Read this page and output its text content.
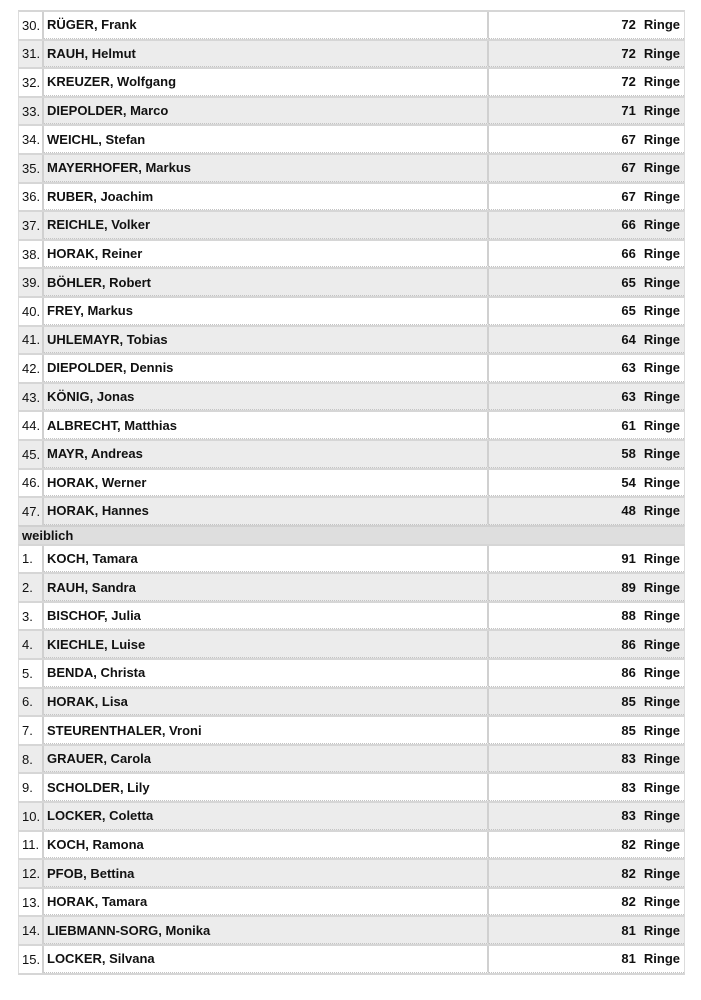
30. RÜGER, Frank	72 Ringe
31. RAUH, Helmut	72 Ringe
32. KREUZER, Wolfgang	72 Ringe
33. DIEPOLDER, Marco	71 Ringe
34. WEICHL, Stefan	67 Ringe
35. MAYERHOFER, Markus	67 Ringe
36. RUBER, Joachim	67 Ringe
37. REICHLE, Volker	66 Ringe
38. HORAK, Reiner	66 Ringe
39. BÖHLER, Robert	65 Ringe
40. FREY, Markus	65 Ringe
41. UHLEMAYR, Tobias	64 Ringe
42. DIEPOLDER, Dennis	63 Ringe
43. KÖNIG, Jonas	63 Ringe
44. ALBRECHT, Matthias	61 Ringe
45. MAYR, Andreas	58 Ringe
46. HORAK, Werner	54 Ringe
47. HORAK, Hannes	48 Ringe
weiblich
1.	KOCH, Tamara	91 Ringe
2.	RAUH, Sandra	89 Ringe
3.	BISCHOF, Julia	88 Ringe
4.	KIECHLE, Luise	86 Ringe
5.	BENDA, Christa	86 Ringe
6.	HORAK, Lisa	85 Ringe
7.	STEURENTHALER, Vroni	85 Ringe
8.	GRAUER, Carola	83 Ringe
9.	SCHOLDER, Lily	83 Ringe
10. LOCKER, Coletta	83 Ringe
11. KOCH, Ramona	82 Ringe
12. PFOB, Bettina	82 Ringe
13. HORAK, Tamara	82 Ringe
14. LIEBMANN-SORG, Monika	81 Ringe
15. LOCKER, Silvana	81 Ringe
